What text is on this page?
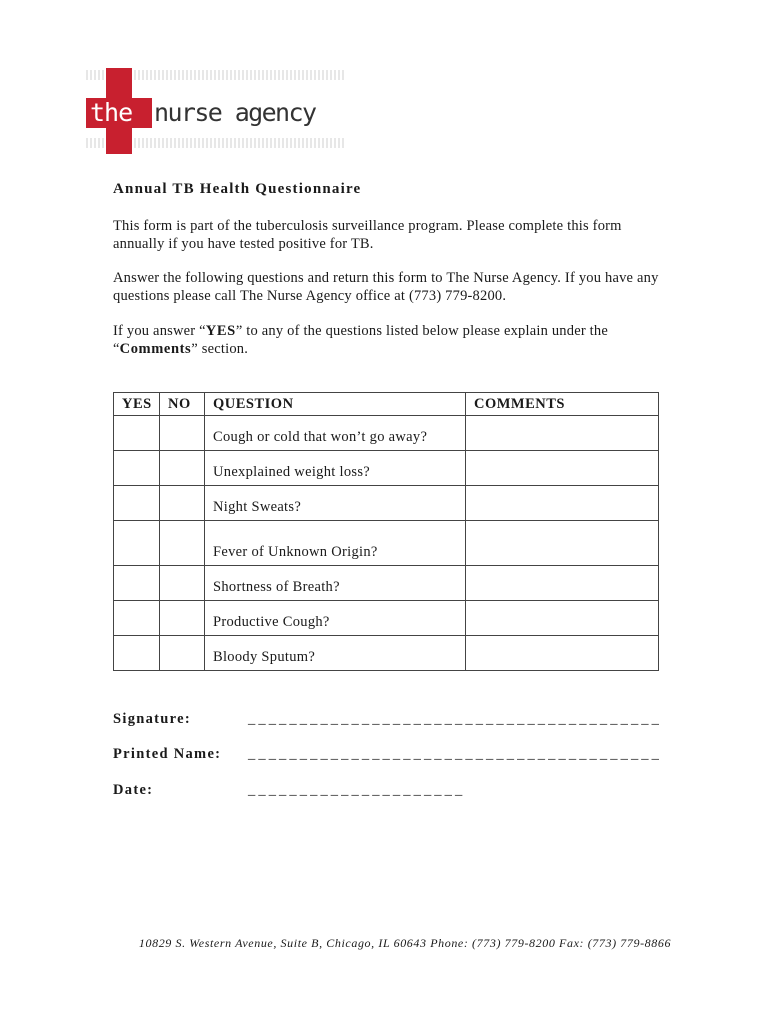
the nurse agency
Annual TB Health Questionnaire

This form is part of the tuberculosis surveillance program. Please complete this form annually if you have tested positive for TB.

Answer the following questions and return this form to The Nurse Agency. If you have any questions please call The Nurse Agency office at (773) 779-8200.

If you answer “YES” to any of the questions listed below please explain under the “Comments” section.

YES	NO	QUESTION	COMMENTS
		Cough or cold that won’t go away?	
		Unexplained weight loss?	
		Night Sweats?	
		Fever of Unknown Origin?	
		Shortness of Breath?	
		Productive Cough?	
		Bloody Sputum?	
Signature:	________________________________________
Printed Name: ________________________________________
Date:	_____________________
10829 S. Western Avenue, Suite B, Chicago, IL 60643 Phone: (773) 779-8200 Fax: (773) 779-8866
